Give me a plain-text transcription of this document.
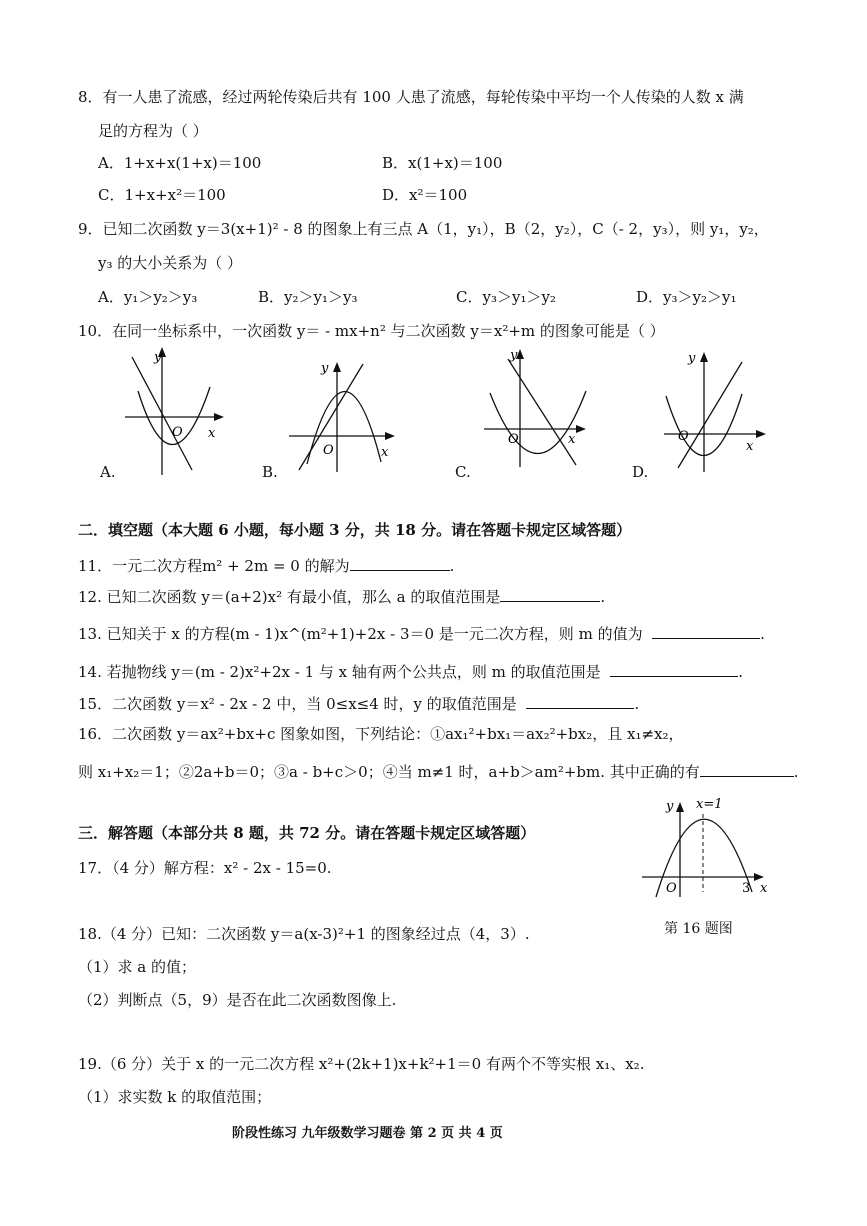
8．有一人患了流感，经过两轮传染后共有 100 人患了流感，每轮传染中平均一个人传染的人数 x 满
足的方程为（ ）
A．1+x+x(1+x)＝100	B．x(1+x)＝100
C．1+x+x²＝100	D．x²＝100
9．已知二次函数 y＝3(x+1)² - 8 的图象上有三点 A（1，y₁），B（2，y₂），C（- 2，y₃），则 y₁，y₂，
y₃ 的大小关系为（ ）
A．y₁＞y₂＞y₃	B．y₂＞y₁＞y₃	C．y₃＞y₁＞y₂	D．y₃＞y₂＞y₁
10．在同一坐标系中，一次函数 y＝ - mx+n² 与二次函数 y＝x²+m 的图象可能是（ ）
y
x
O
A.
y
x
O
B.
y
x
O
C.
y
x
O
D.
二．填空题（本大题 6 小题，每小题 3 分，共 18 分。请在答题卡规定区域答题）
11．一元二次方程m² + 2m = 0 的解为	.
12. 已知二次函数 y＝(a+2)x² 有最小值，那么 a 的取值范围是	.
13. 已知关于 x 的方程(m - 1)x^(m²+1)+2x - 3＝0 是一元二次方程，则 m 的值为	.
14. 若抛物线 y＝(m - 2)x²+2x - 1 与 x 轴有两个公共点，则 m 的取值范围是	.
15．二次函数 y＝x² - 2x - 2 中，当 0≤x≤4 时，y 的取值范围是	.
16．二次函数 y＝ax²+bx+c 图象如图，下列结论：①ax₁²+bx₁＝ax₂²+bx₂，且 x₁≠x₂，
则 x₁+x₂＝1；②2a+b＝0；③a - b+c＞0；④当 m≠1 时，a+b＞am²+bm. 其中正确的有	.
三．解答题（本部分共 8 题，共 72 分。请在答题卡规定区域答题）
17．（4 分）解方程：x² - 2x - 15=0.
y x=1
O	3 x
第 16 题图
18.（4 分）已知：二次函数 y＝a(x-3)²+1 的图象经过点（4，3）.
（1）求 a 的值；
（2）判断点（5，9）是否在此二次函数图像上.
19.（6 分）关于 x 的一元二次方程 x²+(2k+1)x+k²+1＝0 有两个不等实根 x₁、x₂.
（1）求实数 k 的取值范围；
阶段性练习 九年级数学习题卷 第 2 页 共 4 页
